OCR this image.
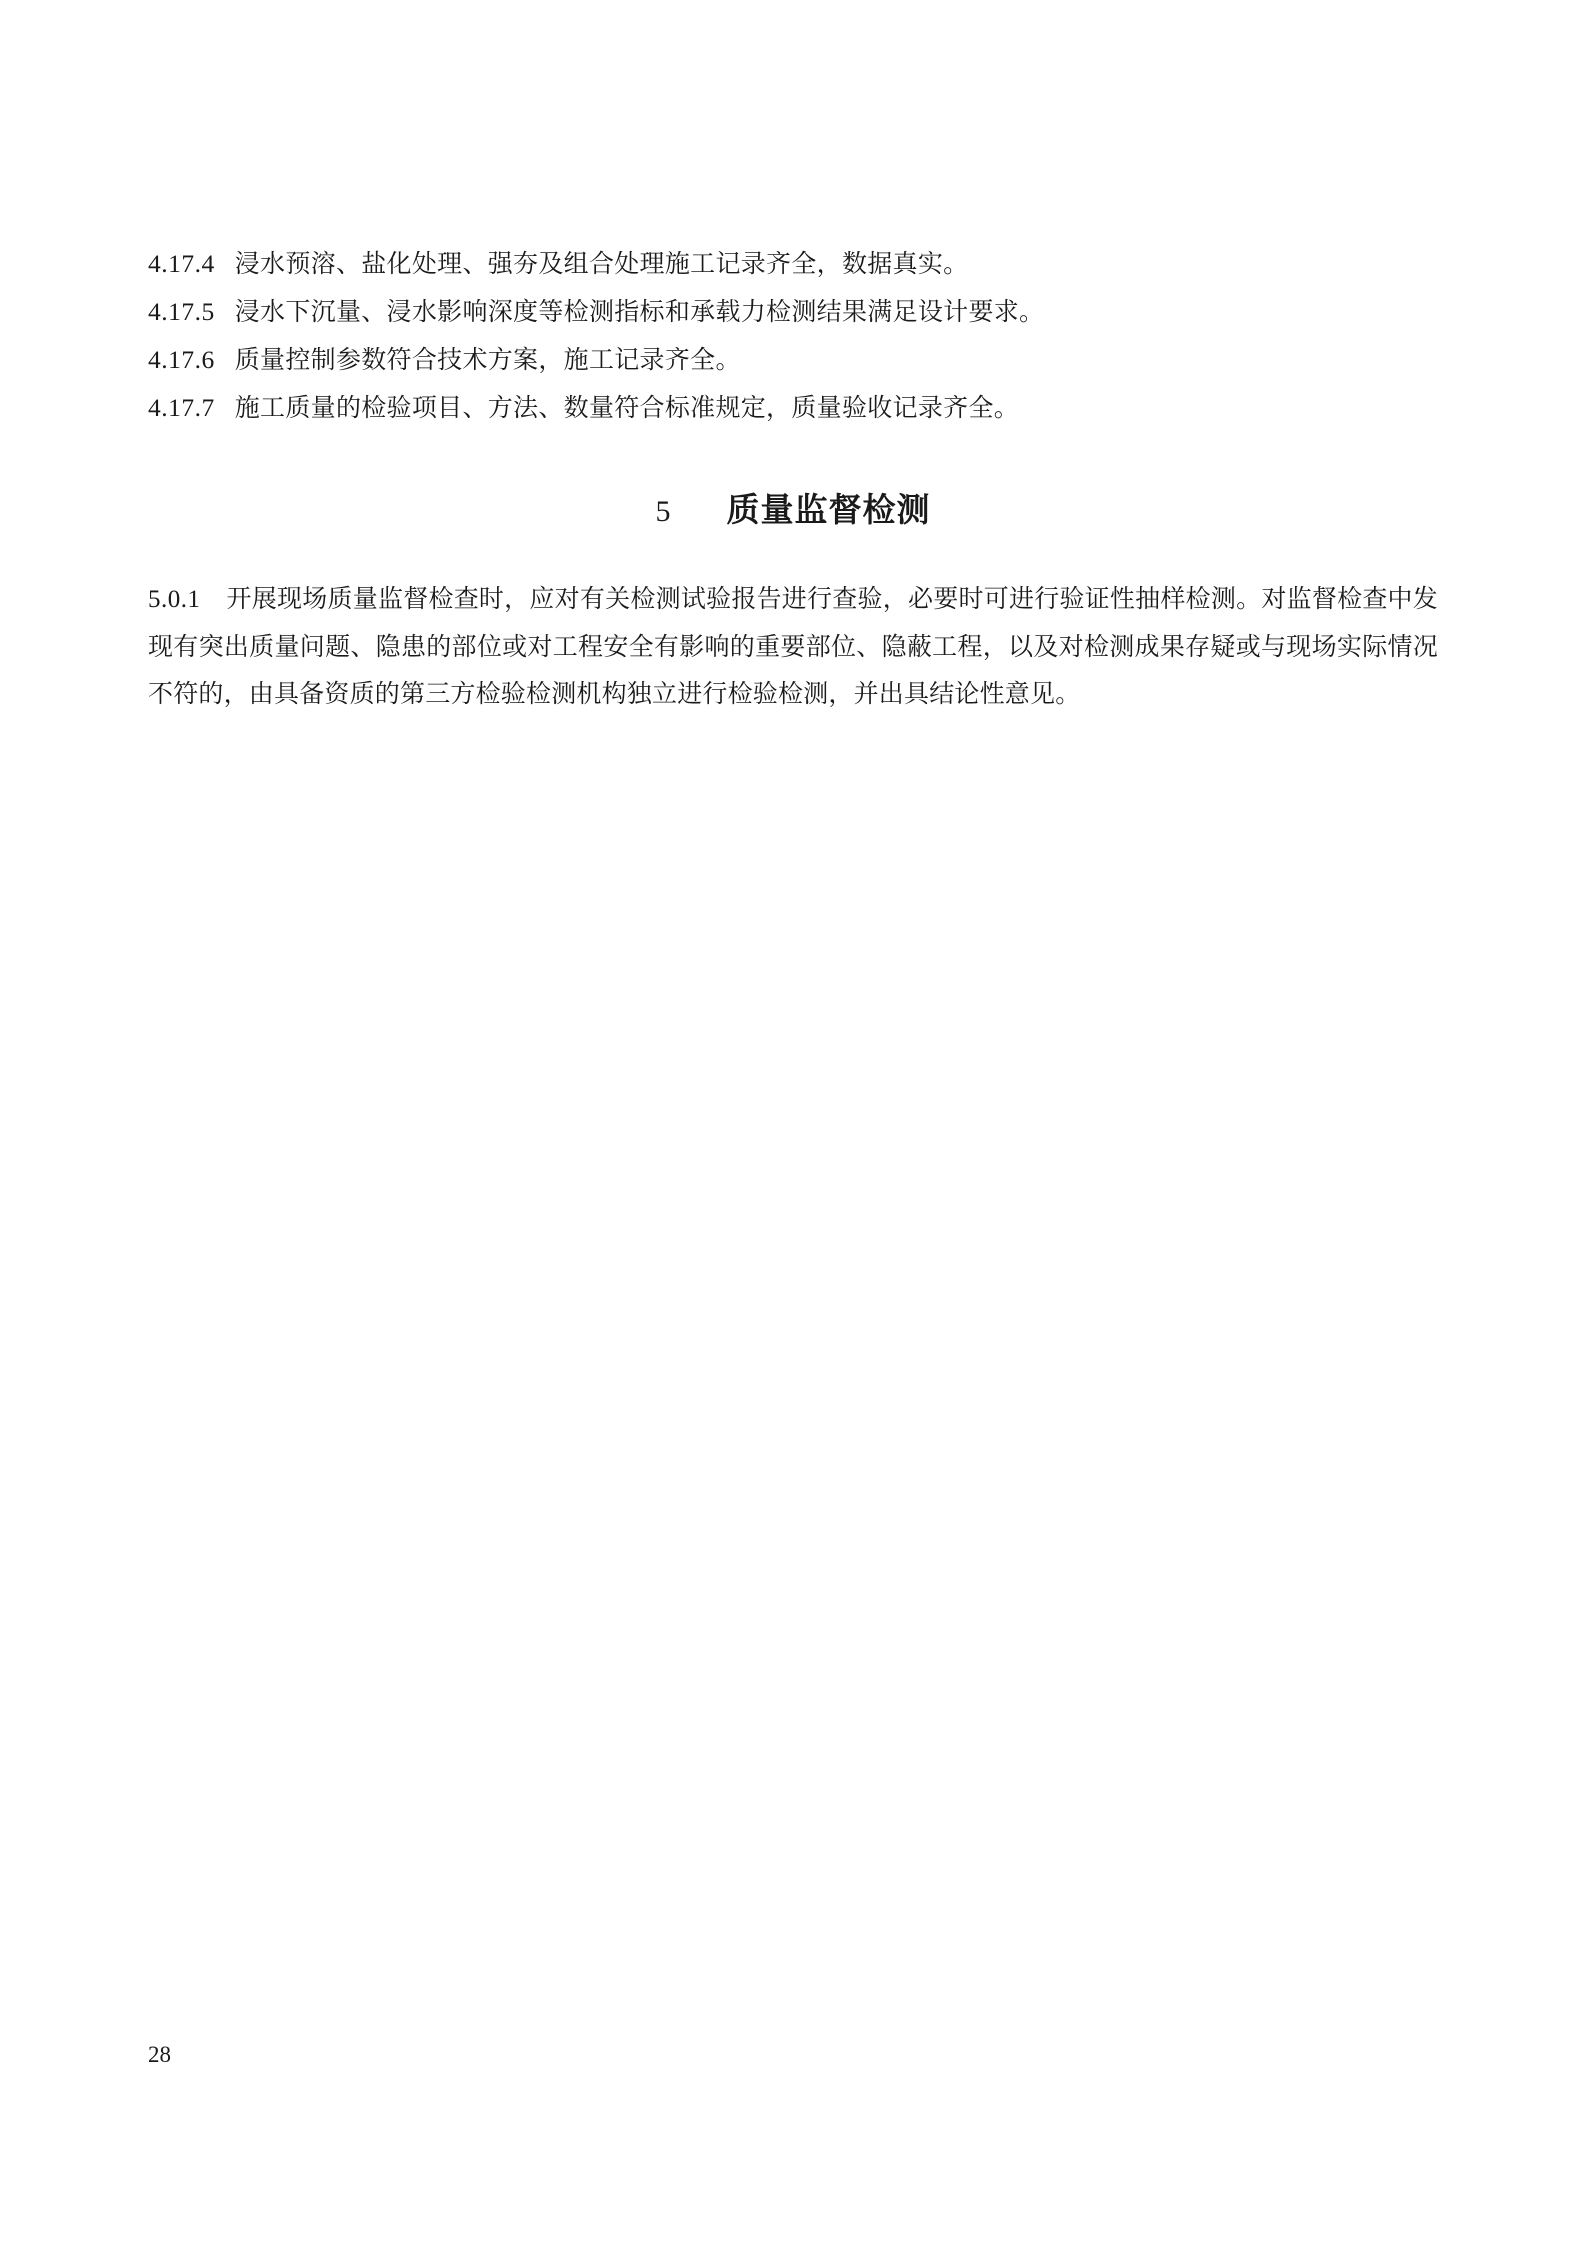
4.17.4 浸水预溶、盐化处理、强夯及组合处理施工记录齐全，数据真实。
4.17.5 浸水下沉量、浸水影响深度等检测指标和承载力检测结果满足设计要求。
4.17.6 质量控制参数符合技术方案，施工记录齐全。
4.17.7 施工质量的检验项目、方法、数量符合标准规定，质量验收记录齐全。
5 质量监督检测
5.0.1 开展现场质量监督检查时，应对有关检测试验报告进行查验，必要时可进行验证性抽样检测。对监督检查中发现有突出质量问题、隐患的部位或对工程安全有影响的重要部位、隐蔽工程，以及对检测成果存疑或与现场实际情况不符的，由具备资质的第三方检验检测机构独立进行检验检测，并出具结论性意见。
28
